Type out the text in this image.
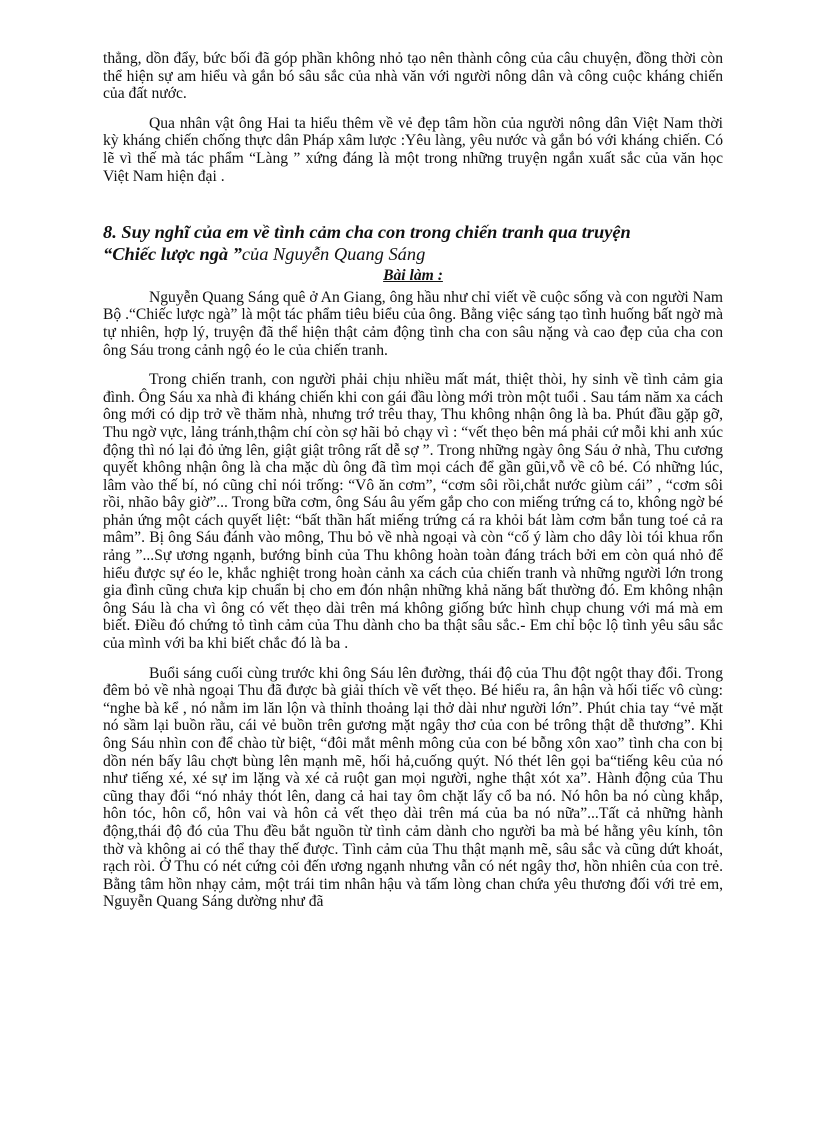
thẳng, dồn đẩy, bức bối đã góp phần không nhỏ tạo nên thành công của câu chuyện, đồng thời còn thể hiện sự am hiểu và gắn bó sâu sắc của nhà văn với người nông dân và công cuộc kháng chiến của đất nước.

Qua nhân vật ông Hai ta hiểu thêm về vẻ đẹp tâm hồn của người nông dân Việt Nam thời kỳ kháng chiến chống thực dân Pháp xâm lược :Yêu làng, yêu nước và gắn bó với kháng chiến. Có lẽ vì thế mà tác phẩm “Làng ” xứng đáng là một trong những truyện ngắn xuất sắc của văn học Việt Nam hiện đại .

8. Suy nghĩ của em về tình cảm cha con trong chiến tranh qua truyện
“Chiếc lược ngà ”của Nguyễn Quang Sáng
Bài làm :

Nguyễn Quang Sáng quê ở An Giang, ông hầu như chỉ viết về cuộc sống và con người Nam Bộ .“Chiếc lược ngà” là một tác phẩm tiêu biểu của ông. Bằng việc sáng tạo tình huống bất ngờ mà tự nhiên, hợp lý, truyện đã thể hiện thật cảm động tình cha con sâu nặng và cao đẹp của cha con ông Sáu trong cảnh ngộ éo le của chiến tranh.

Trong chiến tranh, con người phải chịu nhiều mất mát, thiệt thòi, hy sinh về tình cảm gia đình. Ông Sáu xa nhà đi kháng chiến khi con gái đầu lòng mới tròn một tuổi . Sau tám năm xa cách ông mới có dịp trở về thăm nhà, nhưng trớ trêu thay, Thu không nhận ông là ba. Phút đầu gặp gỡ, Thu ngờ vực, lảng tránh,thậm chí còn sợ hãi bỏ chạy vì : “vết thẹo bên má phải cứ mỗi khi anh xúc động thì nó lại đỏ ửng lên, giật giật trông rất dễ sợ ”. Trong những ngày ông Sáu ở nhà, Thu cương quyết không nhận ông là cha mặc dù ông đã tìm mọi cách để gần gũi,vỗ về cô bé. Có những lúc, lâm vào thế bí, nó cũng chỉ nói trống: “Vô ăn cơm”, “cơm sôi rồi,chắt nước giùm cái” , “cơm sôi rồi, nhão bây giờ”... Trong bữa cơm, ông Sáu âu yếm gắp cho con miếng trứng cá to, không ngờ bé phản ứng một cách quyết liệt: “bất thần hất miếng trứng cá ra khỏi bát làm cơm bắn tung toé cả ra mâm”. Bị ông Sáu đánh vào mông, Thu bỏ về nhà ngoại và còn “cố ý làm cho dây lòi tói khua rổn rảng ”...Sự ương ngạnh, bướng bỉnh của Thu không hoàn toàn đáng trách bởi em còn quá nhỏ để hiểu được sự éo le, khắc nghiệt trong hoàn cảnh xa cách của chiến tranh và những người lớn trong gia đình cũng chưa kịp chuẩn bị cho em đón nhận những khả năng bất thường đó. Em không nhận ông Sáu là cha vì ông có vết thẹo dài trên má không giống bức hình chụp chung với má mà em biết. Điều đó chứng tỏ tình cảm của Thu dành cho ba thật sâu sắc.- Em chỉ bộc lộ tình yêu sâu sắc của mình với ba khi biết chắc đó là ba .

Buổi sáng cuối cùng trước khi ông Sáu lên đường, thái độ của Thu đột ngột thay đổi. Trong đêm bỏ về nhà ngoại Thu đã được bà giải thích về vết thẹo. Bé hiểu ra, ân hận và hối tiếc vô cùng: “nghe bà kể , nó nằm im lăn lộn và thỉnh thoảng lại thở dài như người lớn”. Phút chia tay “vẻ mặt nó sầm lại buồn rầu, cái vẻ buồn trên gương mặt ngây thơ của con bé trông thật dễ thương”. Khi ông Sáu nhìn con để chào từ biệt, “đôi mắt mênh mông của con bé bỗng xôn xao” tình cha con bị dồn nén bấy lâu chợt bùng lên mạnh mẽ, hối hả,cuống quýt. Nó thét lên gọi ba“tiếng kêu của nó như tiếng xé, xé sự im lặng và xé cả ruột gan mọi người, nghe thật xót xa”. Hành động của Thu cũng thay đổi “nó nhảy thót lên, dang cả hai tay ôm chặt lấy cổ ba nó. Nó hôn ba nó cùng khắp, hôn tóc, hôn cổ, hôn vai và hôn cả vết thẹo dài trên má của ba nó nữa”...Tất cả những hành động,thái độ đó của Thu đều bắt nguồn từ tình cảm dành cho người ba mà bé hằng yêu kính, tôn thờ và không ai có thể thay thế được. Tình cảm của Thu thật mạnh mẽ, sâu sắc và cũng dứt khoát, rạch ròi. Ở Thu có nét cứng cỏi đến ương ngạnh nhưng vẫn có nét ngây thơ, hồn nhiên của con trẻ. Bằng tâm hồn nhạy cảm, một trái tim nhân hậu và tấm lòng chan chứa yêu thương đối với trẻ em, Nguyễn Quang Sáng dường như đã
